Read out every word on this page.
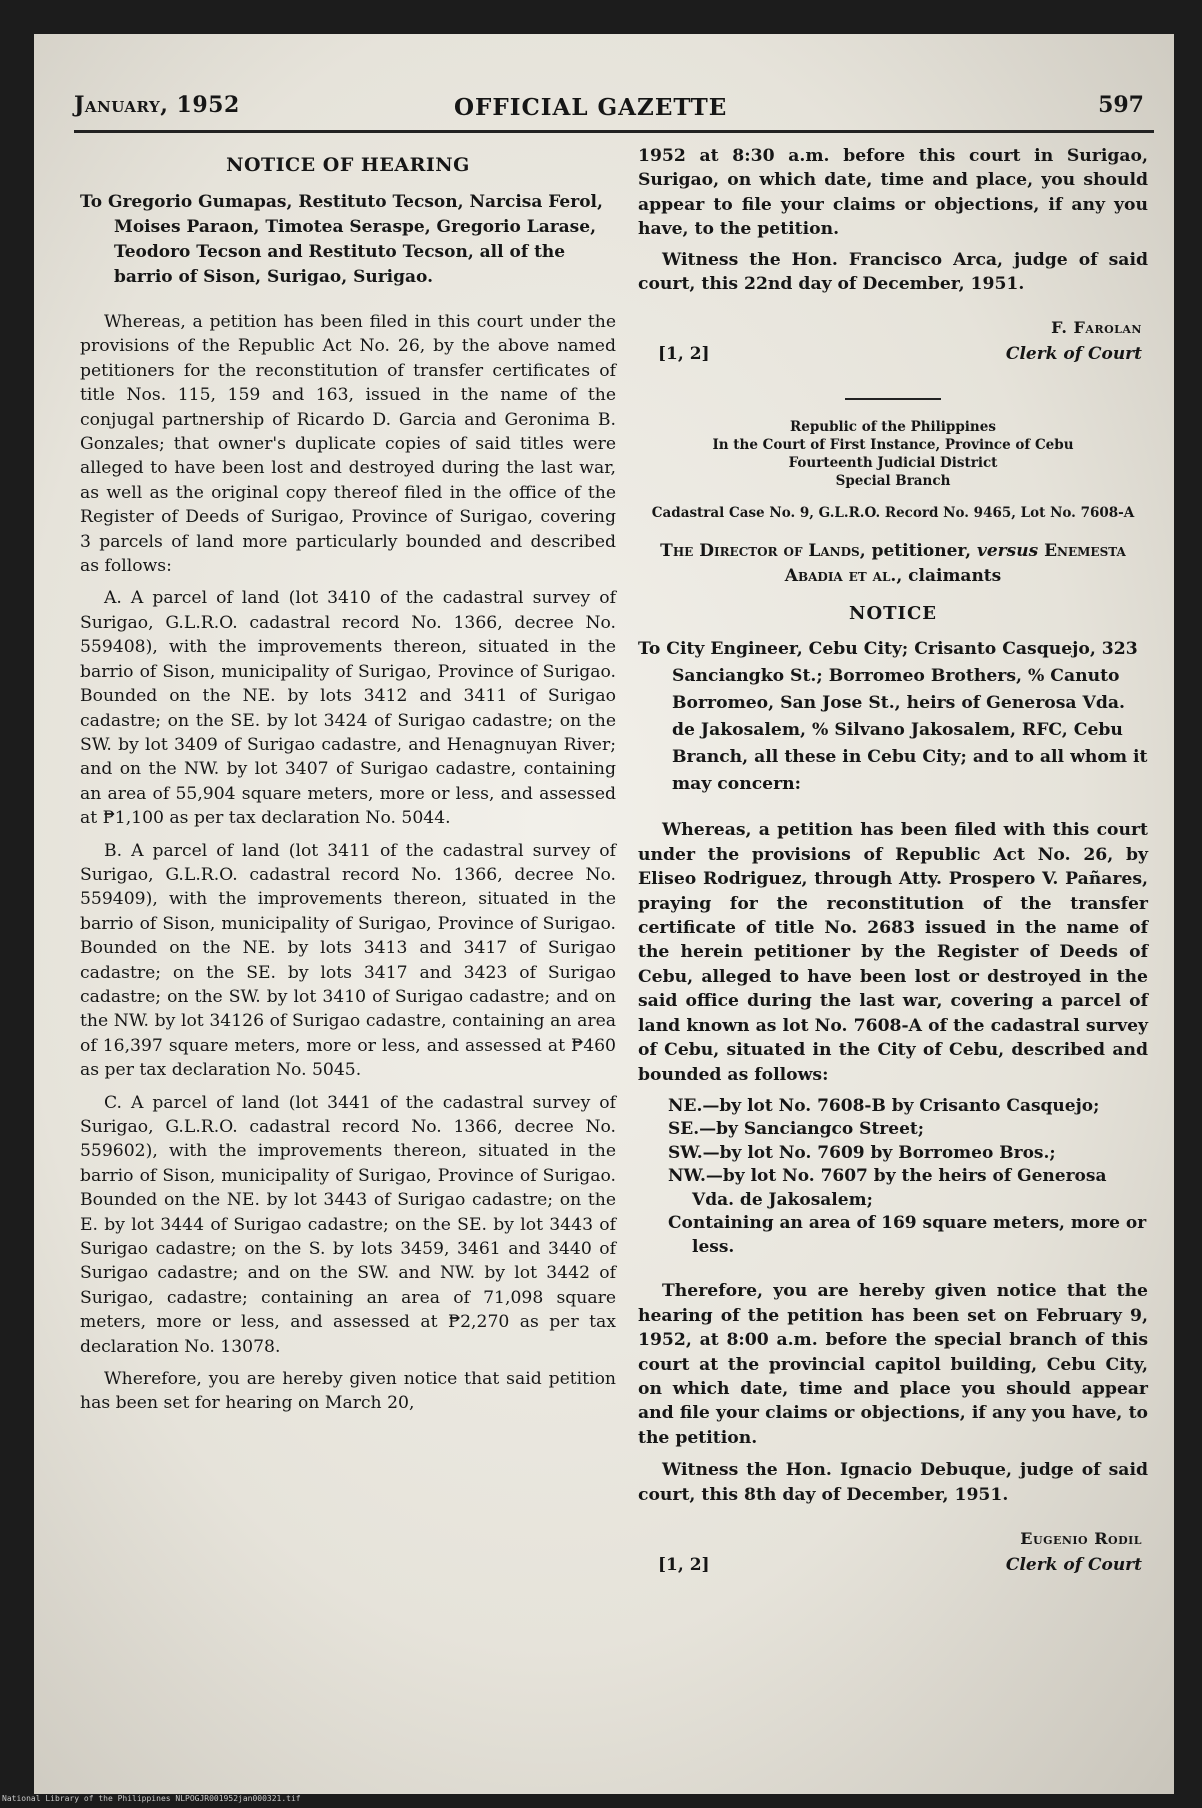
January, 1952	OFFICIAL GAZETTE	597

NOTICE OF HEARING

To Gregorio Gumapas, Restituto Tecson, Narcisa Ferol, Moises Paraon, Timotea Seraspe, Gregorio Larase, Teodoro Tecson and Restituto Tecson, all of the barrio of Sison, Surigao, Surigao.

Whereas, a petition has been filed in this court under the provisions of the Republic Act No. 26, by the above named petitioners for the reconstitution of transfer certificates of title Nos. 115, 159 and 163, issued in the name of the conjugal partnership of Ricardo D. Garcia and Geronima B. Gonzales; that owner's duplicate copies of said titles were alleged to have been lost and destroyed during the last war, as well as the original copy thereof filed in the office of the Register of Deeds of Surigao, Province of Surigao, covering 3 parcels of land more particularly bounded and described as follows:

A. A parcel of land (lot 3410 of the cadastral survey of Surigao, G.L.R.O. cadastral record No. 1366, decree No. 559408), with the improvements thereon, situated in the barrio of Sison, municipality of Surigao, Province of Surigao. Bounded on the NE. by lots 3412 and 3411 of Surigao cadastre; on the SE. by lot 3424 of Surigao cadastre; on the SW. by lot 3409 of Surigao cadastre, and Henagnuyan River; and on the NW. by lot 3407 of Surigao cadastre, containing an area of 55,904 square meters, more or less, and assessed at ₱1,100 as per tax declaration No. 5044.

B. A parcel of land (lot 3411 of the cadastral survey of Surigao, G.L.R.O. cadastral record No. 1366, decree No. 559409), with the improvements thereon, situated in the barrio of Sison, municipality of Surigao, Province of Surigao. Bounded on the NE. by lots 3413 and 3417 of Surigao cadastre; on the SE. by lots 3417 and 3423 of Surigao cadastre; on the SW. by lot 3410 of Surigao cadastre; and on the NW. by lot 34126 of Surigao cadastre, containing an area of 16,397 square meters, more or less, and assessed at ₱460 as per tax declaration No. 5045.

C. A parcel of land (lot 3441 of the cadastral survey of Surigao, G.L.R.O. cadastral record No. 1366, decree No. 559602), with the improvements thereon, situated in the barrio of Sison, municipality of Surigao, Province of Surigao. Bounded on the NE. by lot 3443 of Surigao cadastre; on the E. by lot 3444 of Surigao cadastre; on the SE. by lot 3443 of Surigao cadastre; on the S. by lots 3459, 3461 and 3440 of Surigao cadastre; and on the SW. and NW. by lot 3442 of Surigao, cadastre; containing an area of 71,098 square meters, more or less, and assessed at ₱2,270 as per tax declaration No. 13078.

Wherefore, you are hereby given notice that said petition has been set for hearing on March 20,

1952 at 8:30 a.m. before this court in Surigao, Surigao, on which date, time and place, you should appear to file your claims or objections, if any you have, to the petition.

Witness the Hon. Francisco Arca, judge of said court, this 22nd day of December, 1951.

[1, 2]
F. Farolan
Clerk of Court
Republic of the Philippines
In the Court of First Instance, Province of Cebu
Fourteenth Judicial District
Special Branch

Cadastral Case No. 9, G.L.R.O. Record No. 9465, Lot No. 7608-A

The Director of Lands, petitioner, versus Enemesta Abadia et al., claimants

NOTICE

To City Engineer, Cebu City; Crisanto Casquejo, 323 Sanciangko St.; Borromeo Brothers, % Canuto Borromeo, San Jose St., heirs of Generosa Vda. de Jakosalem, % Silvano Jakosalem, RFC, Cebu Branch, all these in Cebu City; and to all whom it may concern:

Whereas, a petition has been filed with this court under the provisions of Republic Act No. 26, by Eliseo Rodriguez, through Atty. Prospero V. Pañares, praying for the reconstitution of the transfer certificate of title No. 2683 issued in the name of the herein petitioner by the Register of Deeds of Cebu, alleged to have been lost or destroyed in the said office during the last war, covering a parcel of land known as lot No. 7608-A of the cadastral survey of Cebu, situated in the City of Cebu, described and bounded as follows:

NE.—by lot No. 7608-B by Crisanto Casquejo;
SE.—by Sanciangco Street;
SW.—by lot No. 7609 by Borromeo Bros.;
NW.—by lot No. 7607 by the heirs of Generosa Vda. de Jakosalem;
Containing an area of 169 square meters, more or less.

Therefore, you are hereby given notice that the hearing of the petition has been set on February 9, 1952, at 8:00 a.m. before the special branch of this court at the provincial capitol building, Cebu City, on which date, time and place you should appear and file your claims or objections, if any you have, to the petition.

Witness the Hon. Ignacio Debuque, judge of said court, this 8th day of December, 1951.

[1, 2]
Eugenio Rodil
Clerk of Court
National Library of the Philippines NLPOGJR001952jan000321.tif
